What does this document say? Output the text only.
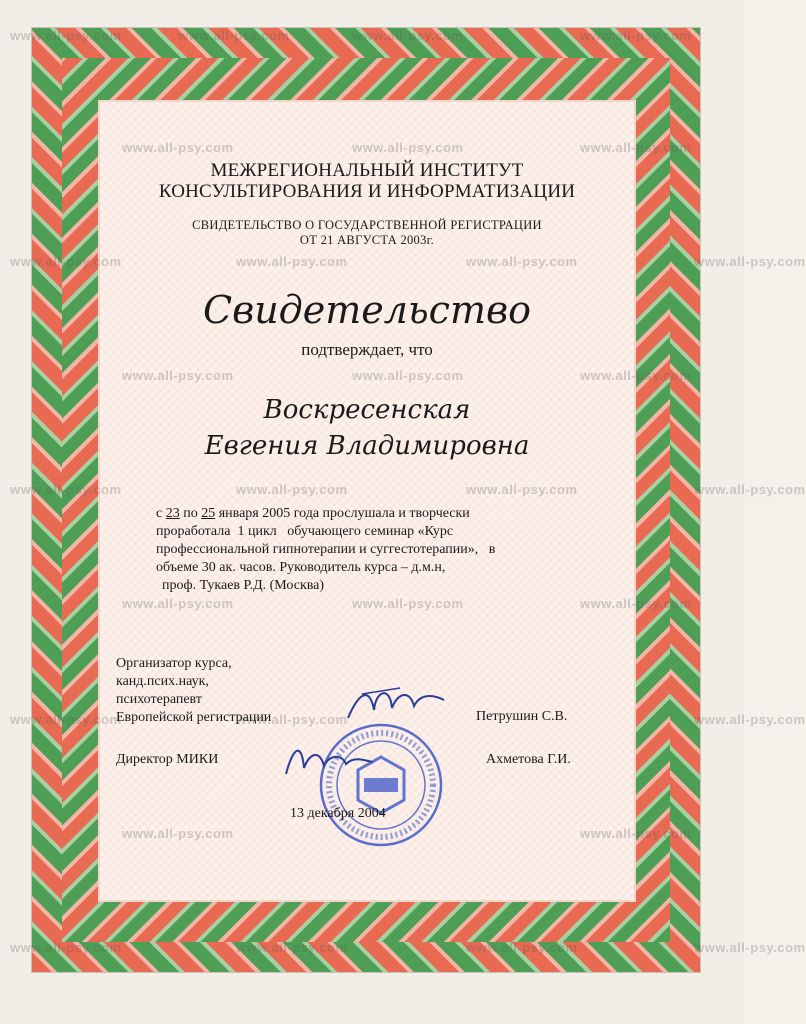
www.all-psy.com	www.all-psy.com	www.all-psy.com	www.all-psy.com
www.all-psy.com	www.all-psy.com	www.all-psy.com
www.all-psy.com	www.all-psy.com	www.all-psy.com	www.all-psy.com
www.all-psy.com	www.all-psy.com	www.all-psy.com
www.all-psy.com	www.all-psy.com	www.all-psy.com	www.all-psy.com
www.all-psy.com	www.all-psy.com	www.all-psy.com
www.all-psy.com	www.all-psy.com	www.all-psy.com
www.all-psy.com	www.all-psy.com
www.all-psy.com	www.all-psy.com	www.all-psy.com	www.all-psy.com
МЕЖРЕГИОНАЛЬНЫЙ ИНСТИТУТ
КОНСУЛЬТИРОВАНИЯ И ИНФОРМАТИЗАЦИИ
СВИДЕТЕЛЬСТВО О ГОСУДАРСТВЕННОЙ РЕГИСТРАЦИИ
ОТ 21 АВГУСТА 2003г.
Свидетельство
подтверждает, что
Воскресенская
Евгения Владимировна
с 23 по 25 января 2005 года прослушала и творчески
проработала  1 цикл   обучающего семинар «Курс
профессиональной гипнотерапии и суггестотерапии»,   в
объеме 30 ак. часов. Руководитель курса – д.м.н,
проф. Тукаев Р.Д. (Москва)
Организатор курса,
канд.псих.наук,
психотерапевт
Европейской регистрации	Петрушин С.В.
Директор МИКИ	Ахметова Г.И.
13 декабря 2004
